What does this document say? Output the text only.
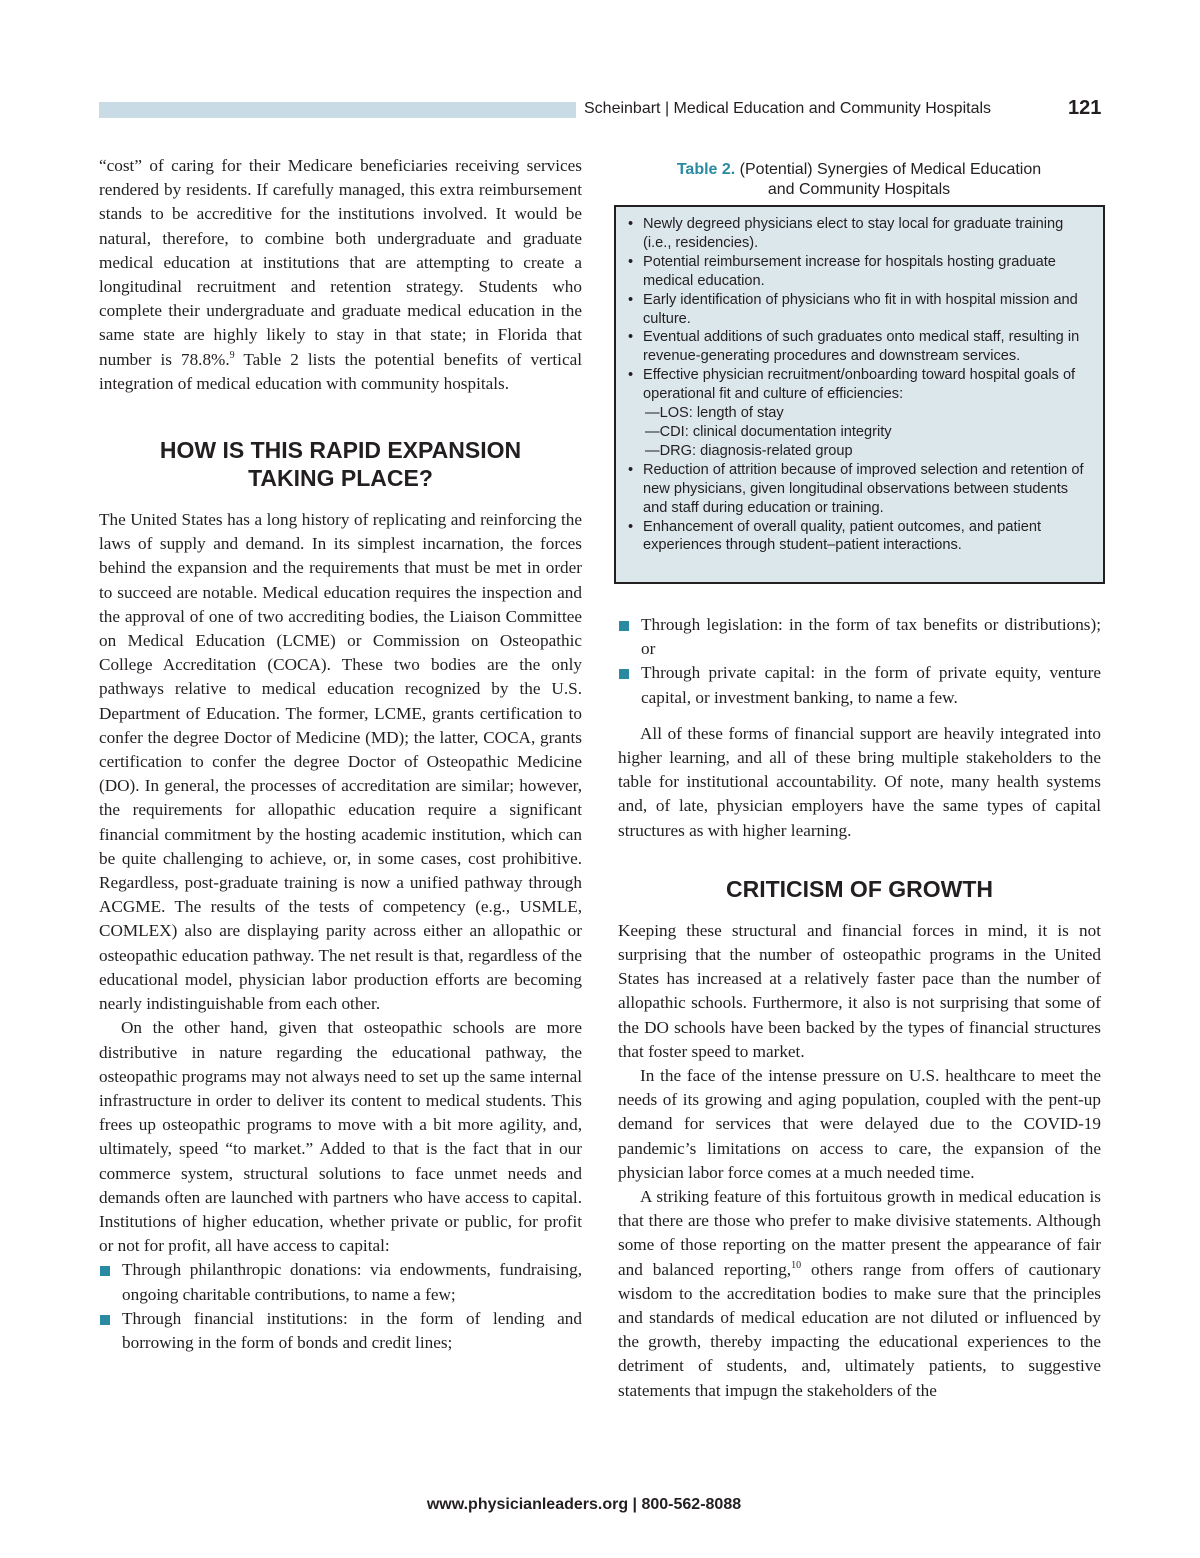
Scheinbart | Medical Education and Community Hospitals	121

“cost” of caring for their Medicare beneficiaries receiving services rendered by residents. If carefully managed, this extra reimbursement stands to be accreditive for the institutions involved. It would be natural, therefore, to combine both undergraduate and graduate medical education at institutions that are attempting to create a longitudinal recruitment and retention strategy. Students who complete their undergraduate and graduate medical education in the same state are highly likely to stay in that state; in Florida that number is 78.8%.$^9$ Table 2 lists the potential benefits of vertical integration of medical education with community hospitals.

HOW IS THIS RAPID EXPANSION TAKING PLACE?

The United States has a long history of replicating and reinforcing the laws of supply and demand. In its simplest incarnation, the forces behind the expansion and the requirements that must be met in order to succeed are notable. Medical education requires the inspection and the approval of one of two accrediting bodies, the Liaison Committee on Medical Education (LCME) or Commission on Osteopathic College Accreditation (COCA). These two bodies are the only pathways relative to medical education recognized by the U.S. Department of Education. The former, LCME, grants certification to confer the degree Doctor of Medicine (MD); the latter, COCA, grants certification to confer the degree Doctor of Osteopathic Medicine (DO). In general, the processes of accreditation are similar; however, the requirements for allopathic education require a significant financial commitment by the hosting academic institution, which can be quite challenging to achieve, or, in some cases, cost prohibitive. Regardless, post-graduate training is now a unified pathway through ACGME. The results of the tests of competency (e.g., USMLE, COMLEX) also are displaying parity across either an allopathic or osteopathic education pathway. The net result is that, regardless of the educational model, physician labor production efforts are becoming nearly indistinguishable from each other.

On the other hand, given that osteopathic schools are more distributive in nature regarding the educational pathway, the osteopathic programs may not always need to set up the same internal infrastructure in order to deliver its content to medical students. This frees up osteopathic programs to move with a bit more agility, and, ultimately, speed “to market.” Added to that is the fact that in our commerce system, structural solutions to face unmet needs and demands often are launched with partners who have access to capital. Institutions of higher education, whether private or public, for profit or not for profit, all have access to capital:

Through philanthropic donations: via endowments, fundraising, ongoing charitable contributions, to name a few;
Through financial institutions: in the form of lending and borrowing in the form of bonds and credit lines;
Table 2. (Potential) Synergies of Medical Education
and Community Hospitals
• Newly degreed physicians elect to stay local for graduate training (i.e., residencies).
• Potential reimbursement increase for hospitals hosting graduate medical education.
• Early identification of physicians who fit in with hospital mission and culture.
• Eventual additions of such graduates onto medical staff, resulting in revenue-generating procedures and downstream services.
• Effective physician recruitment/onboarding toward hospital goals of operational fit and culture of efficiencies:
—LOS: length of stay
—CDI: clinical documentation integrity
—DRG: diagnosis-related group
• Reduction of attrition because of improved selection and retention of new physicians, given longitudinal observations between students and staff during education or training.
• Enhancement of overall quality, patient outcomes, and patient experiences through student–patient interactions.
Through legislation: in the form of tax benefits or distributions); or
Through private capital: in the form of private equity, venture capital, or investment banking, to name a few.

All of these forms of financial support are heavily integrated into higher learning, and all of these bring multiple stakeholders to the table for institutional accountability. Of note, many health systems and, of late, physician employers have the same types of capital structures as with higher learning.

CRITICISM OF GROWTH

Keeping these structural and financial forces in mind, it is not surprising that the number of osteopathic programs in the United States has increased at a relatively faster pace than the number of allopathic schools. Furthermore, it also is not surprising that some of the DO schools have been backed by the types of financial structures that foster speed to market.

In the face of the intense pressure on U.S. healthcare to meet the needs of its growing and aging population, coupled with the pent-up demand for services that were delayed due to the COVID-19 pandemic’s limitations on access to care, the expansion of the physician labor force comes at a much needed time.

A striking feature of this fortuitous growth in medical education is that there are those who prefer to make divisive statements. Although some of those reporting on the matter present the appearance of fair and balanced reporting,$^{10}$ others range from offers of cautionary wisdom to the accreditation bodies to make sure that the principles and standards of medical education are not diluted or influenced by the growth, thereby impacting the educational experiences to the detriment of students, and, ultimately patients, to suggestive statements that impugn the stakeholders of the

www.physicianleaders.org | 800-562-8088
